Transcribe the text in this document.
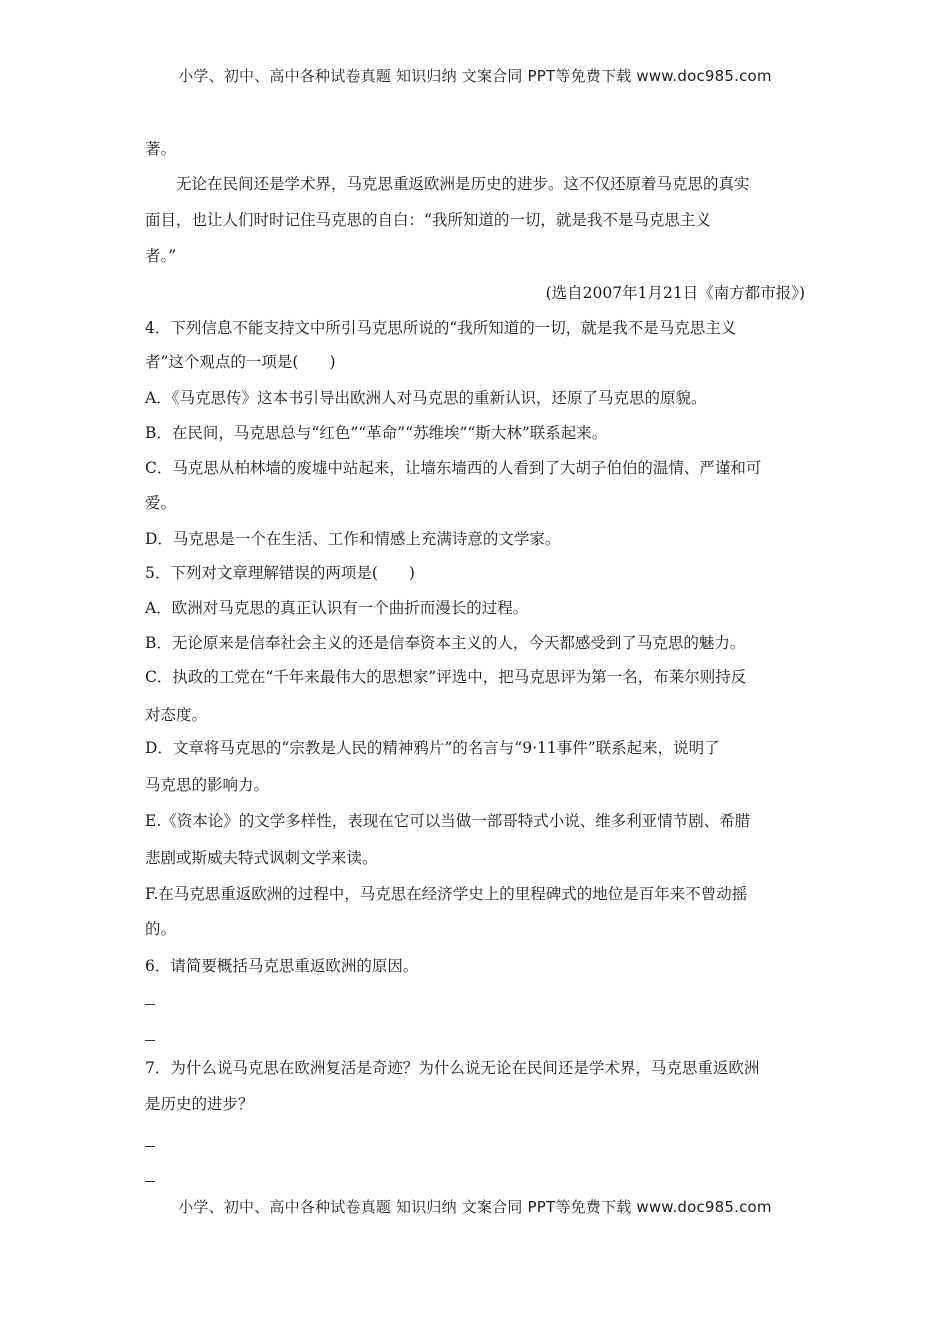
小学、初中、高中各种试卷真题 知识归纳 文案合同 PPT等免费下载 www.doc985.com
著。
无论在民间还是学术界，马克思重返欧洲是历史的进步。这不仅还原着马克思的真实
面目，也让人们时时记住马克思的自白：“我所知道的一切，就是我不是马克思主义
者。”
(选自2007年1月21日《南方都市报》)
4．下列信息不能支持文中所引马克思所说的“我所知道的一切，就是我不是马克思主义
者”这个观点的一项是(　　)
A．《马克思传》这本书引导出欧洲人对马克思的重新认识，还原了马克思的原貌。
B．在民间，马克思总与“红色”“革命”“苏维埃”“斯大林”联系起来。
C．马克思从柏林墙的废墟中站起来，让墙东墙西的人看到了大胡子伯伯的温情、严谨和可
爱。
D．马克思是一个在生活、工作和情感上充满诗意的文学家。
5．下列对文章理解错误的两项是(　　)
A．欧洲对马克思的真正认识有一个曲折而漫长的过程。
B．无论原来是信奉社会主义的还是信奉资本主义的人，今天都感受到了马克思的魅力。
C．执政的工党在“千年来最伟大的思想家”评选中，把马克思评为第一名，布莱尔则持反
对态度。
D．文章将马克思的“宗教是人民的精神鸦片”的名言与“9·11事件”联系起来，说明了
马克思的影响力。
E.《资本论》的文学多样性，表现在它可以当做一部哥特式小说、维多利亚情节剧、希腊
悲剧或斯威夫特式讽刺文学来读。
F.在马克思重返欧洲的过程中，马克思在经济学史上的里程碑式的地位是百年来不曾动摇
的。
6．请简要概括马克思重返欧洲的原因。
7．为什么说马克思在欧洲复活是奇迹？为什么说无论在民间还是学术界，马克思重返欧洲
是历史的进步？
小学、初中、高中各种试卷真题 知识归纳 文案合同 PPT等免费下载 www.doc985.com
